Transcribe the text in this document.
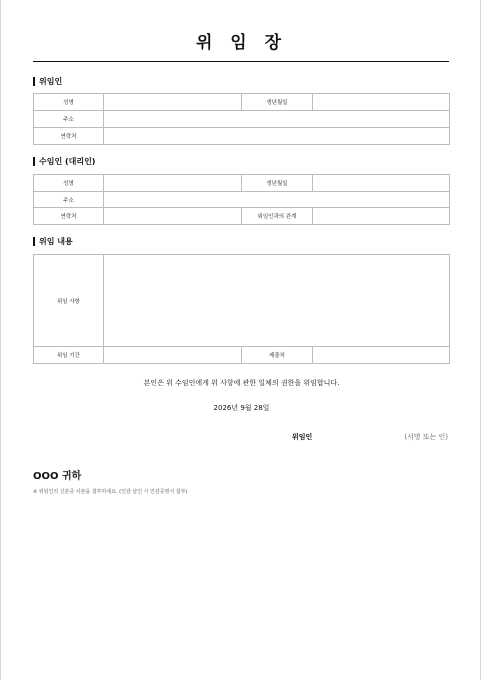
위 임 장
위임인
성명		생년월일	
주소			
연락처			
수임인 (대리인)
성명		생년월일	
주소			
연락처		위임인과의 관계	
위임 내용
위임 사항			
위임 기간		제출처	
본인은 위 수임인에게 위 사항에 관한 일체의 권한을 위임합니다.
2026년 9월 28일
위임인	(서명 또는 인)
OOO 귀하
※ 위임인의 신분증 사본을 첨부하세요. (인감 날인 시 인감증명서 첨부)
